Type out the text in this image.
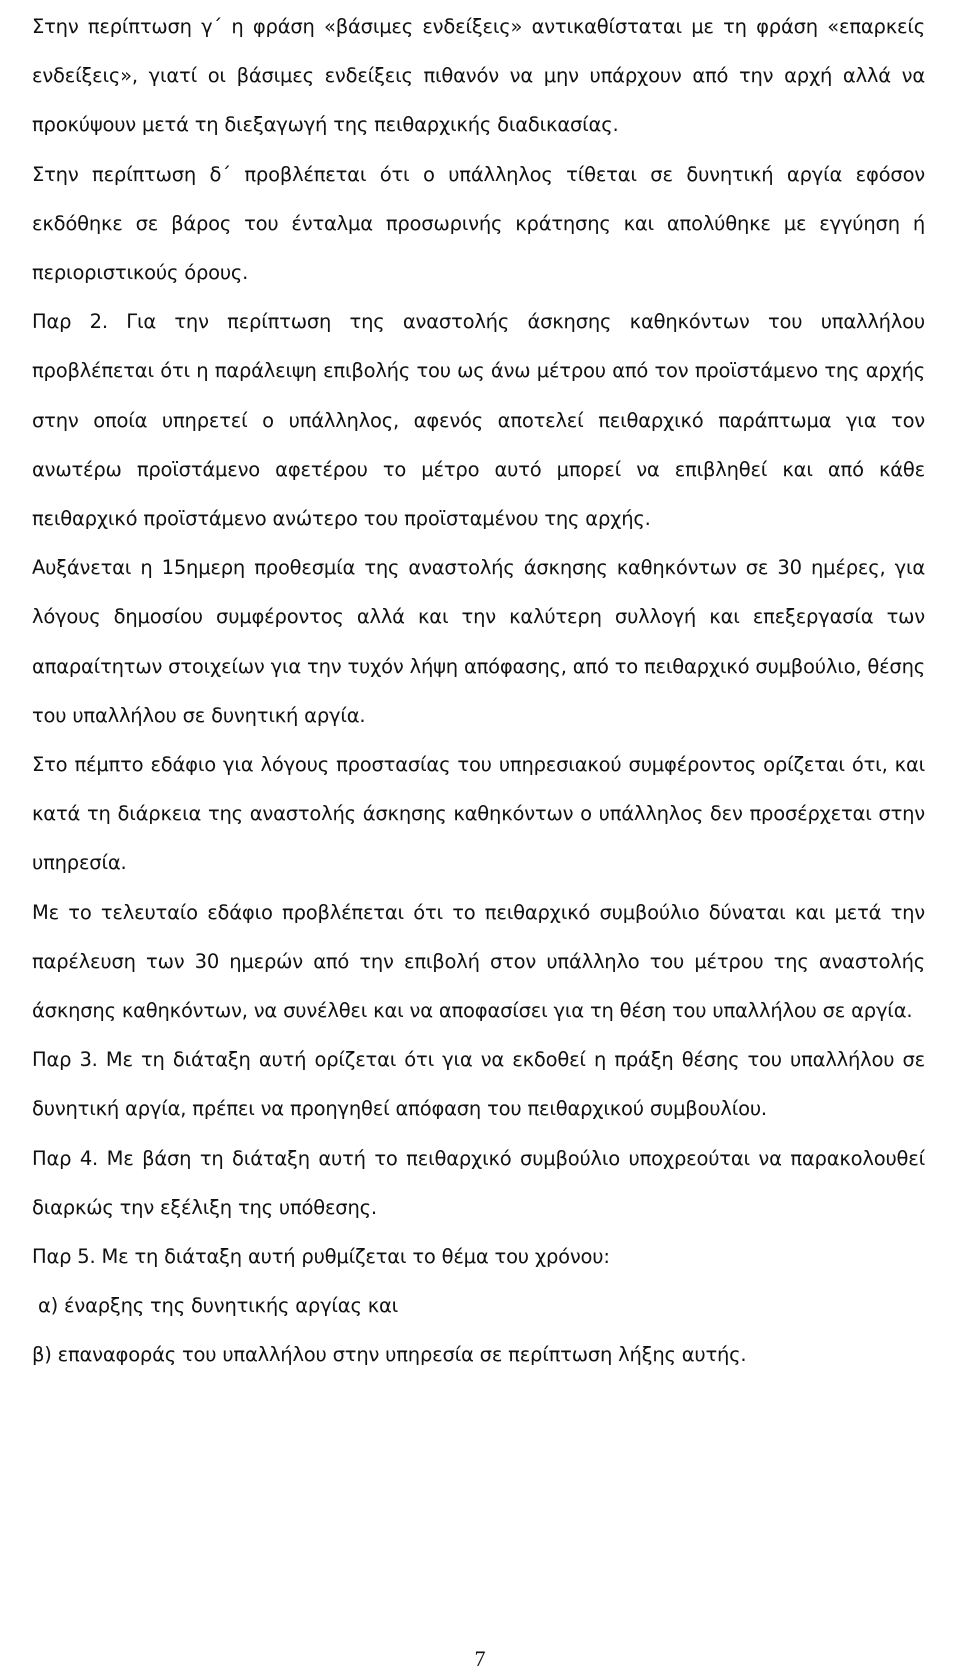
Στην περίπτωση γ΄ η φράση «βάσιμες ενδείξεις» αντικαθίσταται με τη φράση «επαρκείς ενδείξεις», γιατί οι βάσιμες ενδείξεις πιθανόν να μην υπάρχουν από την αρχή αλλά να προκύψουν μετά τη διεξαγωγή της πειθαρχικής διαδικασίας.

Στην περίπτωση δ΄ προβλέπεται ότι ο υπάλληλος τίθεται σε δυνητική αργία εφόσον εκδόθηκε σε βάρος του ένταλμα προσωρινής κράτησης και απολύθηκε με εγγύηση ή περιοριστικούς όρους.

Παρ 2. Για την περίπτωση της αναστολής άσκησης καθηκόντων του υπαλλήλου προβλέπεται ότι η παράλειψη επιβολής του ως άνω μέτρου από τον προϊστάμενο της αρχής στην οποία υπηρετεί ο υπάλληλος, αφενός αποτελεί πειθαρχικό παράπτωμα για τον ανωτέρω προϊστάμενο αφετέρου το μέτρο αυτό μπορεί να επιβληθεί και από κάθε πειθαρχικό προϊστάμενο ανώτερο του προϊσταμένου της αρχής.

Αυξάνεται η 15ημερη προθεσμία της αναστολής άσκησης καθηκόντων σε 30 ημέρες, για λόγους δημοσίου συμφέροντος αλλά και την καλύτερη συλλογή και επεξεργασία των απαραίτητων στοιχείων για την τυχόν λήψη απόφασης, από το πειθαρχικό συμβούλιο, θέσης του υπαλλήλου σε δυνητική αργία.

Στο πέμπτο εδάφιο για λόγους προστασίας του υπηρεσιακού συμφέροντος ορίζεται ότι, και κατά τη διάρκεια της αναστολής άσκησης καθηκόντων ο υπάλληλος δεν προσέρχεται στην υπηρεσία.

Με το τελευταίο εδάφιο προβλέπεται ότι το πειθαρχικό συμβούλιο δύναται και μετά την παρέλευση των 30 ημερών από την επιβολή στον υπάλληλο του μέτρου της αναστολής άσκησης καθηκόντων, να συνέλθει και να αποφασίσει για τη θέση του υπαλλήλου σε αργία.

Παρ 3. Με τη διάταξη αυτή ορίζεται ότι για να εκδοθεί η πράξη θέσης του υπαλλήλου σε δυνητική αργία, πρέπει να προηγηθεί απόφαση του πειθαρχικού συμβουλίου.

Παρ 4. Με βάση τη διάταξη αυτή το πειθαρχικό συμβούλιο υποχρεούται να παρακολουθεί διαρκώς την εξέλιξη της υπόθεσης.

Παρ 5. Με τη διάταξη αυτή ρυθμίζεται το θέμα του χρόνου:

α) έναρξης της δυνητικής αργίας και

β) επαναφοράς του υπαλλήλου στην υπηρεσία σε περίπτωση λήξης αυτής.

7
